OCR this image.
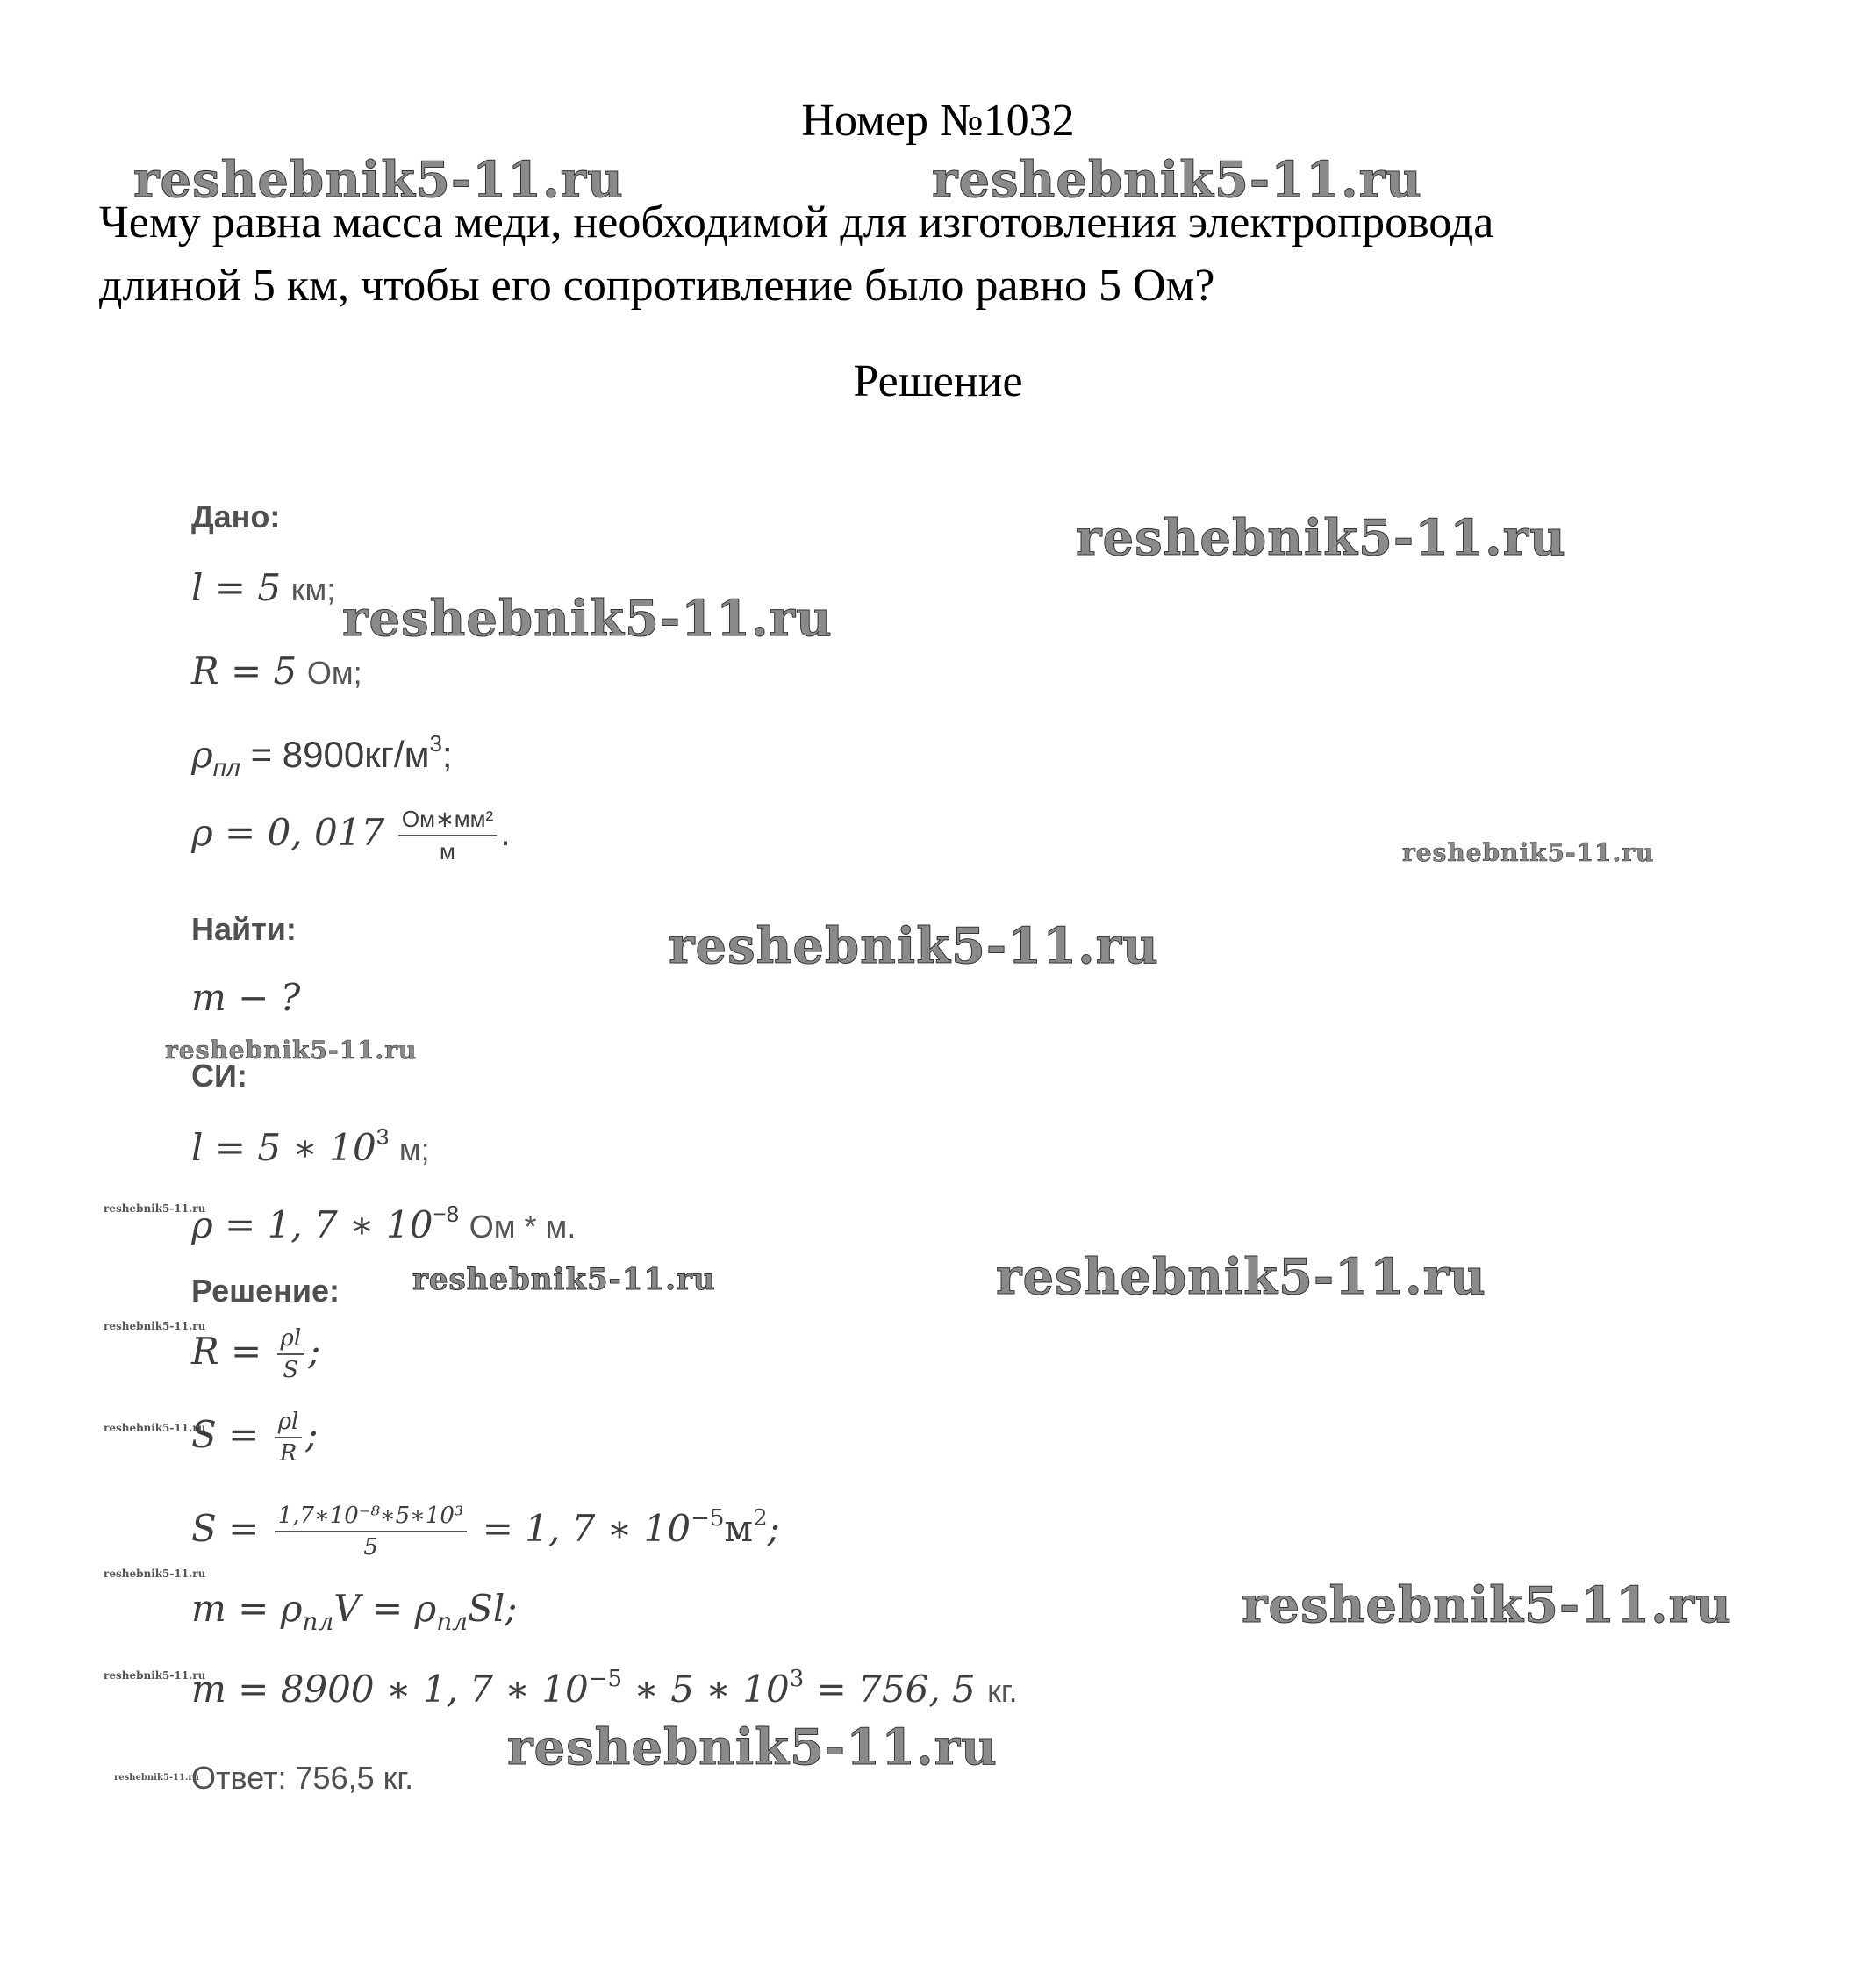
Номер №1032
Чему равна масса меди, необходимой для изготовления электропровода
длиной 5 км, чтобы его сопротивление было равно 5 Ом?
Решение
Дано:
l = 5 км;
R = 5 Ом;
$\rho_{пл} = 8900кг/м^3$;
ρ = 0, $017 \frac{\text{Ом∗мм²}}{м}$ .
Найти:
m − ?
СИ:
l = 5 ∗ $10^3$ м;
ρ = 1, 7 ∗ $10^{-8}$ Ом * м.
Решение:
$R = \frac{\rho l}{S}$ ;
$S = \frac{\rho l}{R}$ ;
$S = \frac{\text{1,7∗10⁻⁸∗5∗10³}}{5} = 1$, 7 ∗ $10^{-5}м^2$;
$m = \rho_{пл}V = \rho_{пл}Sl$;
m = 8900 ∗ 1, 7 ∗ $10^{-5}$ ∗ 5 ∗ $10^3 = 756$, 5 кг.
Ответ: 756,5 кг.
reshebnik5-11.ru	reshebnik5-11.ru
reshebnik5-11.ru
reshebnik5-11.ru
reshebnik5-11.ru
reshebnik5-11.ru
reshebnik5-11.ru
reshebnik5-11.ru
reshebnik5-11.ru	reshebnik5-11.ru
reshebnik5-11.ru
reshebnik5-11.ru
reshebnik5-11.ru
reshebnik5-11.ru
reshebnik5-11.ru
reshebnik5-11.ru
reshebnik5-11.ru
